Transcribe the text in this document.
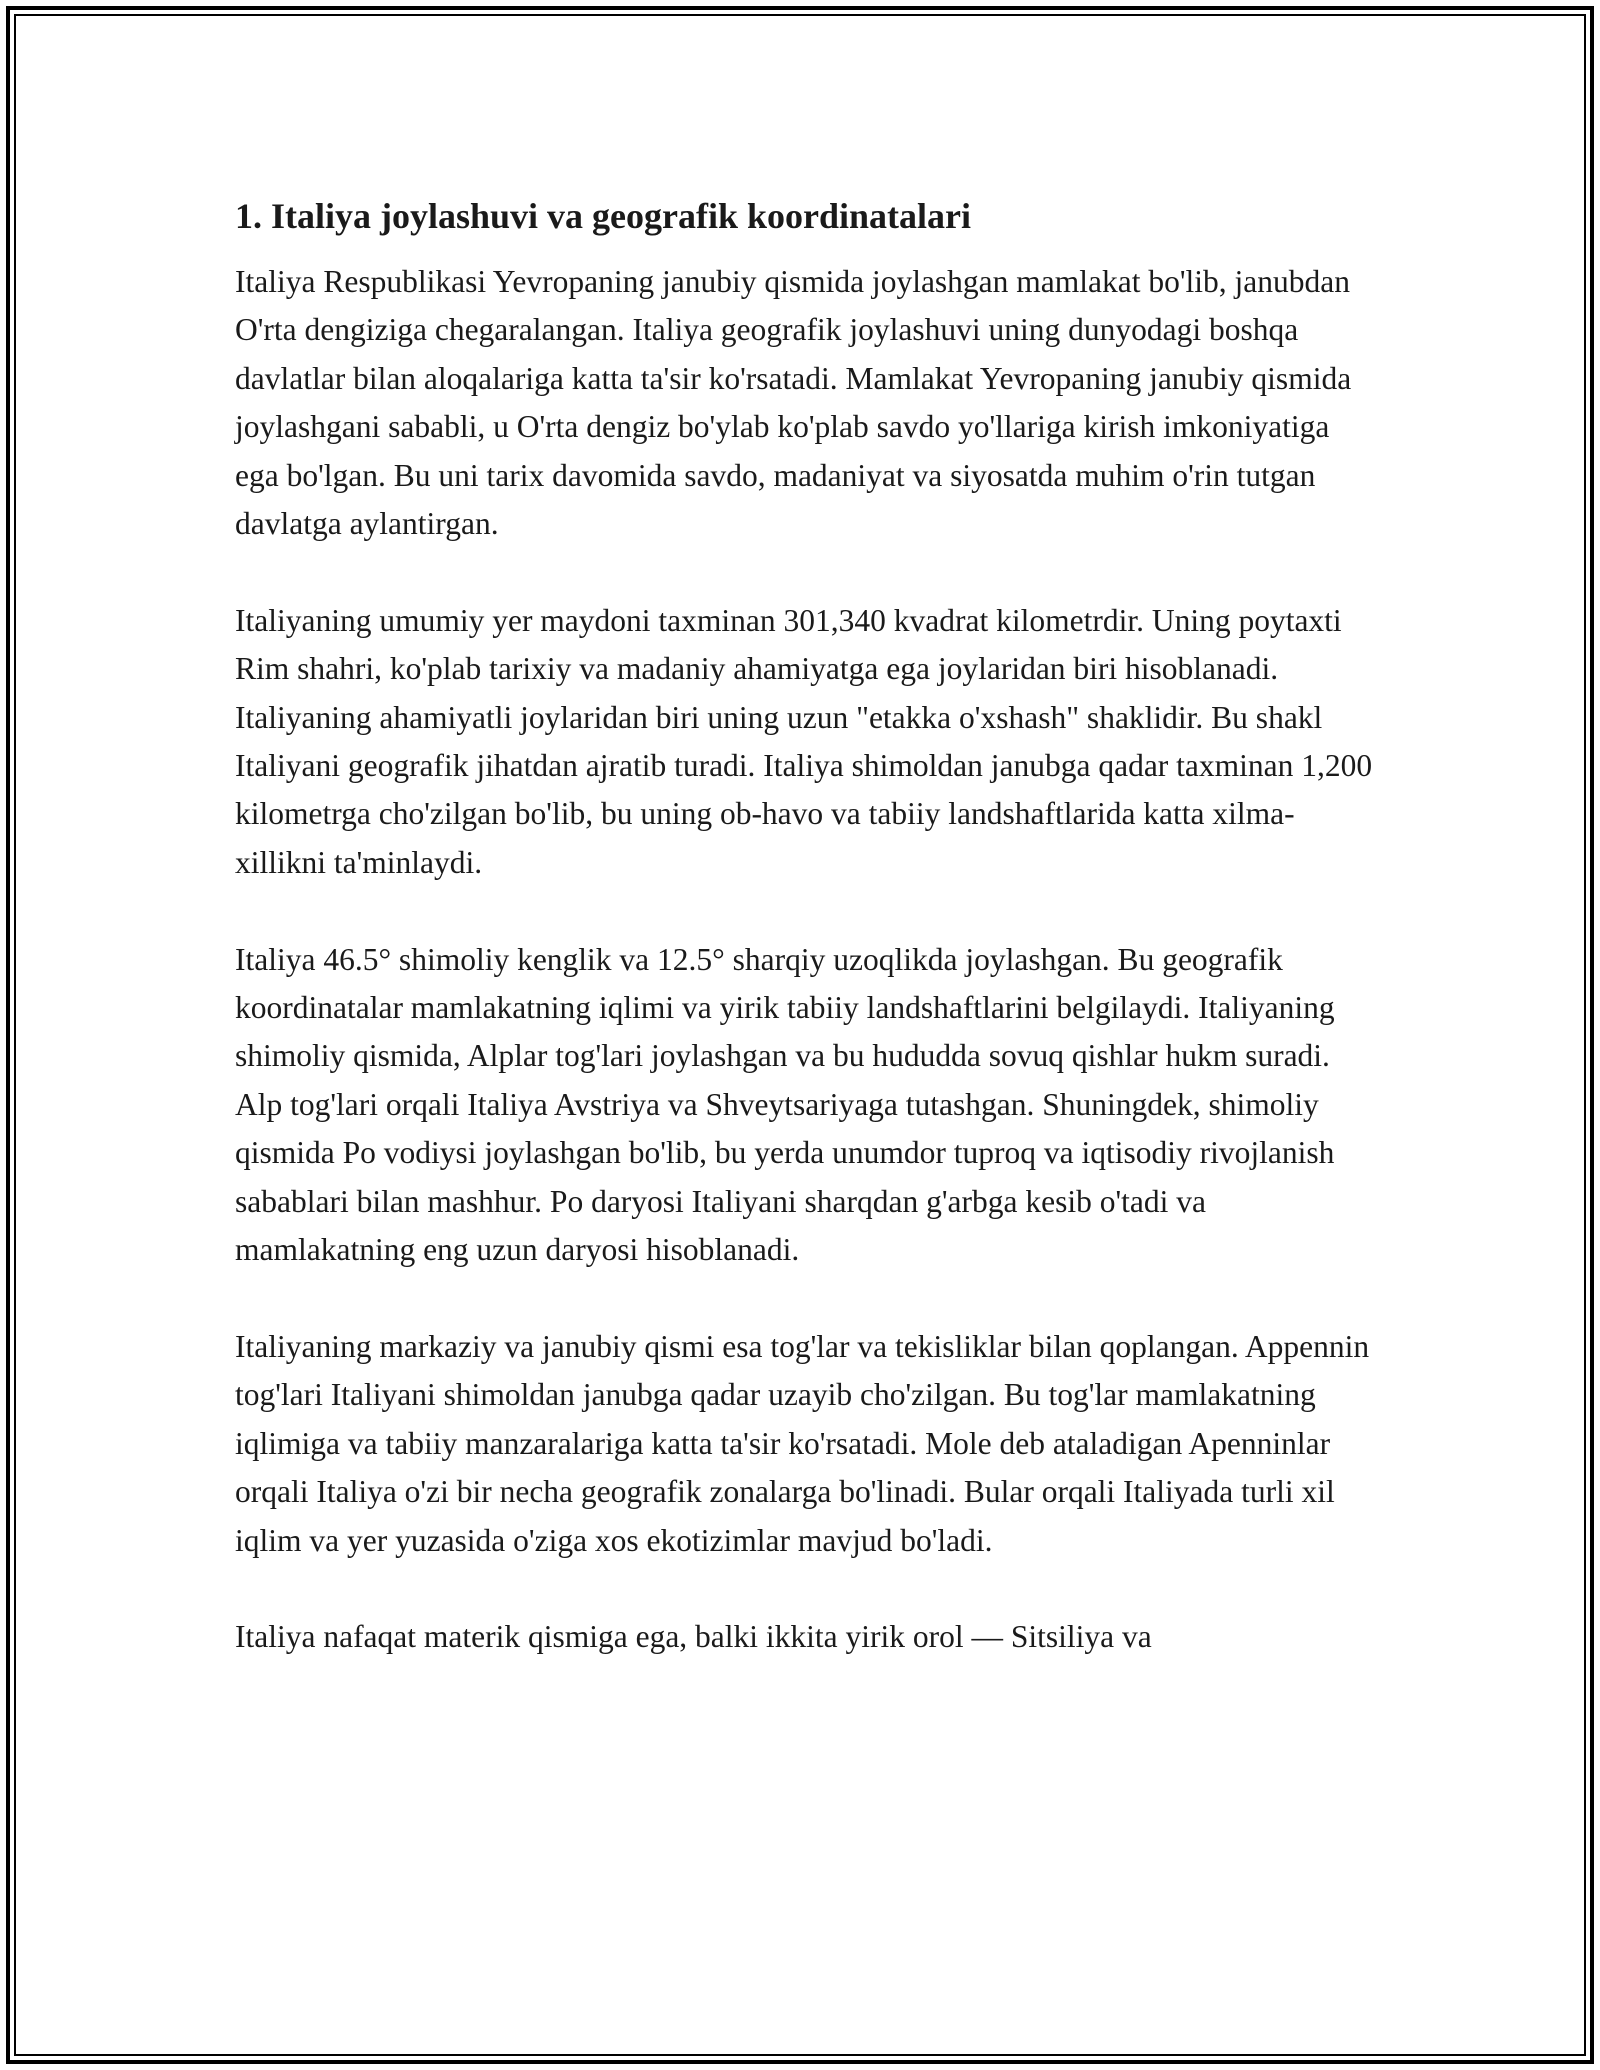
1. Italiya joylashuvi va geografik koordinatalari

Italiya Respublikasi Yevropaning janubiy qismida joylashgan mamlakat bo'lib, janubdan O'rta dengiziga chegaralangan. Italiya geografik joylashuvi uning dunyodagi boshqa davlatlar bilan aloqalariga katta ta'sir ko'rsatadi. Mamlakat Yevropaning janubiy qismida joylashgani sababli, u O'rta dengiz bo'ylab ko'plab savdo yo'llariga kirish imkoniyatiga ega bo'lgan. Bu uni tarix davomida savdo, madaniyat va siyosatda muhim o'rin tutgan davlatga aylantirgan.

Italiyaning umumiy yer maydoni taxminan 301,340 kvadrat kilometrdir. Uning poytaxti Rim shahri, ko'plab tarixiy va madaniy ahamiyatga ega joylaridan biri hisoblanadi. Italiyaning ahamiyatli joylaridan biri uning uzun "etakka o'xshash" shaklidir. Bu shakl Italiyani geografik jihatdan ajratib turadi. Italiya shimoldan janubga qadar taxminan 1,200 kilometrga cho'zilgan bo'lib, bu uning ob-havo va tabiiy landshaftlarida katta xilma-xillikni ta'minlaydi.

Italiya 46.5° shimoliy kenglik va 12.5° sharqiy uzoqlikda joylashgan. Bu geografik koordinatalar mamlakatning iqlimi va yirik tabiiy landshaftlarini belgilaydi. Italiyaning shimoliy qismida, Alplar tog'lari joylashgan va bu hududda sovuq qishlar hukm suradi. Alp tog'lari orqali Italiya Avstriya va Shveytsariyaga tutashgan. Shuningdek, shimoliy qismida Po vodiysi joylashgan bo'lib, bu yerda unumdor tuproq va iqtisodiy rivojlanish sabablari bilan mashhur. Po daryosi Italiyani sharqdan g'arbga kesib o'tadi va mamlakatning eng uzun daryosi hisoblanadi.

Italiyaning markaziy va janubiy qismi esa tog'lar va tekisliklar bilan qoplangan. Appennin tog'lari Italiyani shimoldan janubga qadar uzayib cho'zilgan. Bu tog'lar mamlakatning iqlimiga va tabiiy manzaralariga katta ta'sir ko'rsatadi. Mole deb ataladigan Apenninlar orqali Italiya o'zi bir necha geografik zonalarga bo'linadi. Bular orqali Italiyada turli xil iqlim va yer yuzasida o'ziga xos ekotizimlar mavjud bo'ladi.

Italiya nafaqat materik qismiga ega, balki ikkita yirik orol — Sitsiliya va
